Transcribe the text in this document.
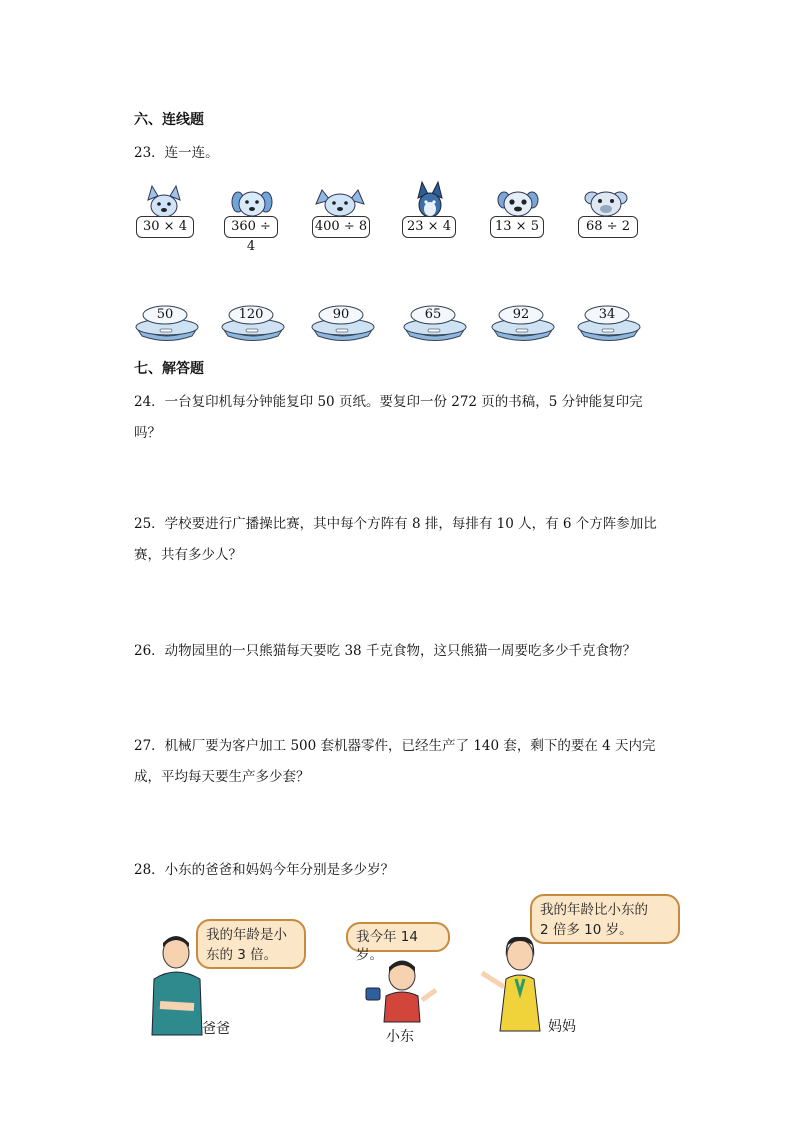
六、连线题
23．连一连。
30 × 4	360 ÷ 4
400 ÷ 8	23 × 4	13 × 5	68 ÷ 2
50	120	90	65	92	34
七、解答题
24．一台复印机每分钟能复印 50 页纸。要复印一份 272 页的书稿，5 分钟能复印完
吗？
25．学校要进行广播操比赛，其中每个方阵有 8 排，每排有 10 人，有 6 个方阵参加比
赛，共有多少人？
26．动物园里的一只熊猫每天要吃 38 千克食物，这只熊猫一周要吃多少千克食物？
27．机械厂要为客户加工 500 套机器零件，已经生产了 140 套，剩下的要在 4 天内完
成，平均每天要生产多少套？
28．小东的爸爸和妈妈今年分别是多少岁？
我的年龄是小
东的 3 倍。
爸爸
我今年 14 岁。
小东
我的年龄比小东的
2 倍多 10 岁。
妈妈
